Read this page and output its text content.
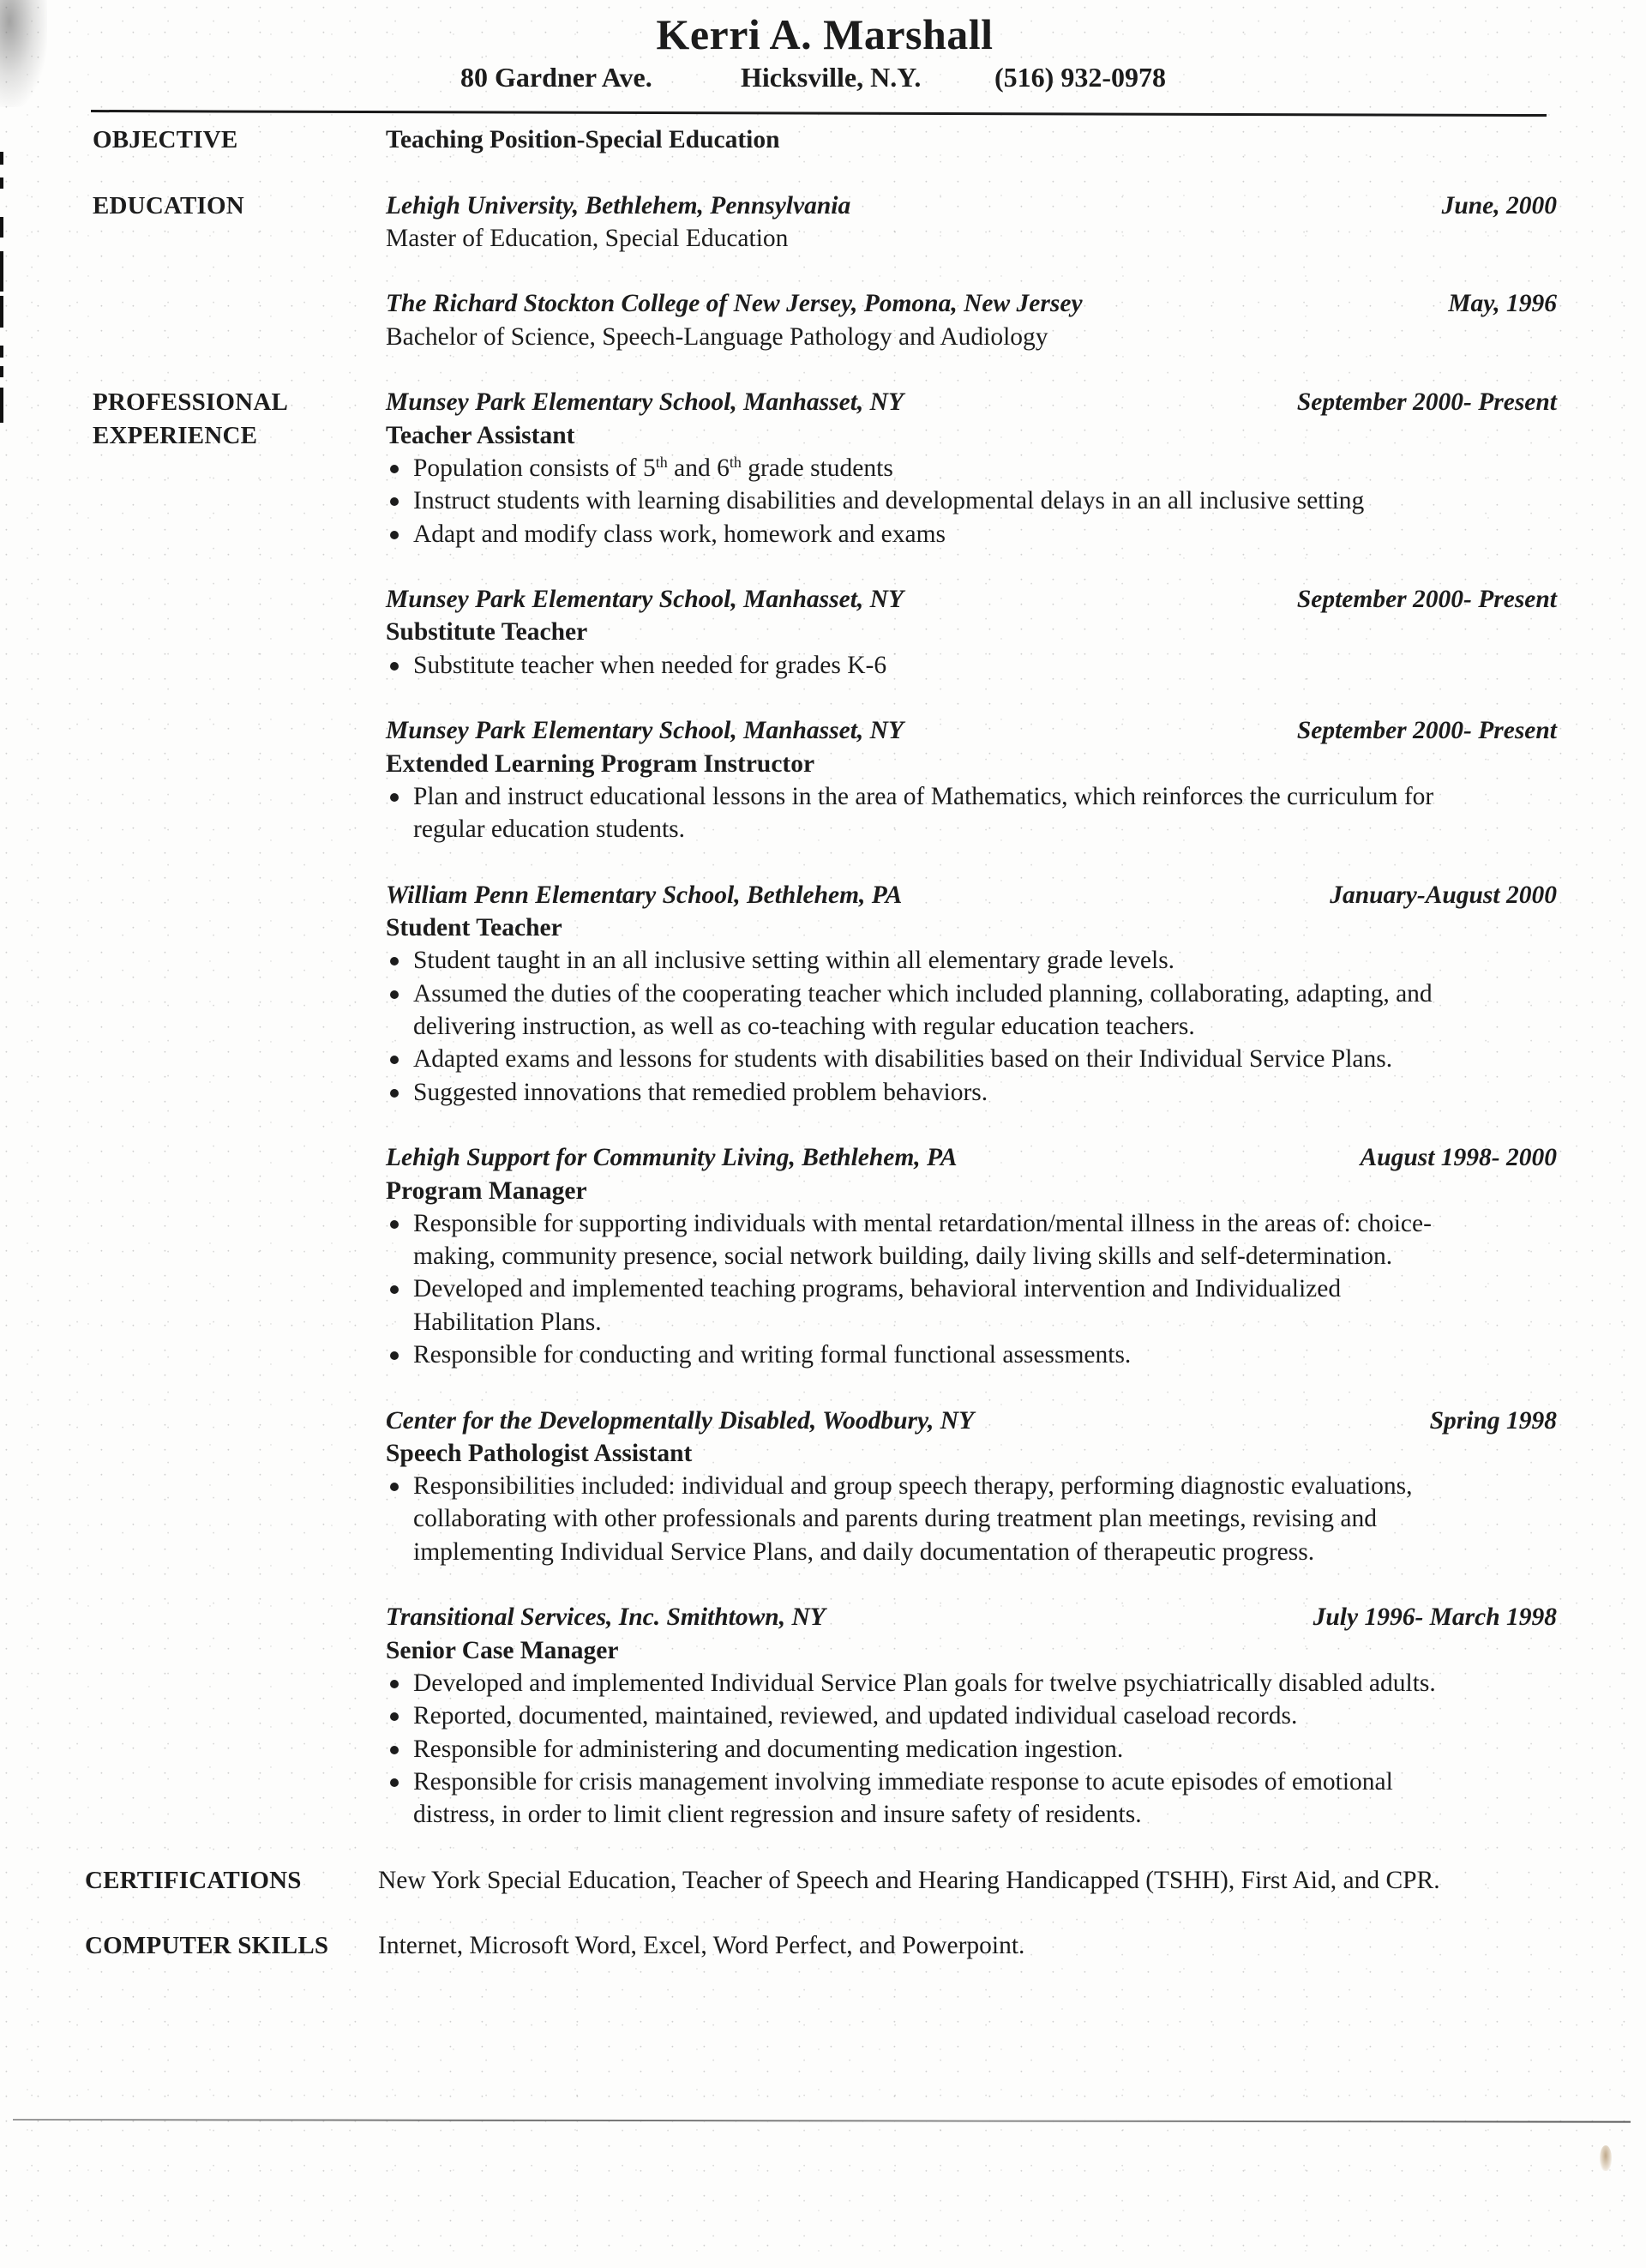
Kerri A. Marshall
80 Gardner Ave.	Hicksville, N.Y.	(516) 932-0978
OBJECTIVE	Teaching Position-Special Education
EDUCATION	Lehigh University, Bethlehem, Pennsylvania	June, 2000
Master of Education, Special Education
The Richard Stockton College of New Jersey, Pomona, New Jersey	May, 1996
Bachelor of Science, Speech-Language Pathology and Audiology
PROFESSIONAL
EXPERIENCE
Munsey Park Elementary School, Manhasset, NY	September 2000- Present
Teacher Assistant
Population consists of 5th and 6th grade students
Instruct students with learning disabilities and developmental delays in an all inclusive setting
Adapt and modify class work, homework and exams
Munsey Park Elementary School, Manhasset, NY	September 2000- Present
Substitute Teacher
Substitute teacher when needed for grades K-6
Munsey Park Elementary School, Manhasset, NY	September 2000- Present
Extended Learning Program Instructor
Plan and instruct educational lessons in the area of Mathematics, which reinforces the curriculum for
regular education students.
William Penn Elementary School, Bethlehem, PA	January-August 2000
Student Teacher
Student taught in an all inclusive setting within all elementary grade levels.
Assumed the duties of the cooperating teacher which included planning, collaborating, adapting, and
delivering instruction, as well as co-teaching with regular education teachers.
Adapted exams and lessons for students with disabilities based on their Individual Service Plans.
Suggested innovations that remedied problem behaviors.
Lehigh Support for Community Living, Bethlehem, PA	August 1998- 2000
Program Manager
Responsible for supporting individuals with mental retardation/mental illness in the areas of: choice-
making, community presence, social network building, daily living skills and self-determination.
Developed and implemented teaching programs, behavioral intervention and Individualized
Habilitation Plans.
Responsible for conducting and writing formal functional assessments.
Center for the Developmentally Disabled, Woodbury, NY	Spring 1998
Speech Pathologist Assistant
Responsibilities included: individual and group speech therapy, performing diagnostic evaluations,
collaborating with other professionals and parents during treatment plan meetings, revising and
implementing Individual Service Plans, and daily documentation of therapeutic progress.
Transitional Services, Inc. Smithtown, NY	July 1996- March 1998
Senior Case Manager
Developed and implemented Individual Service Plan goals for twelve psychiatrically disabled adults.
Reported, documented, maintained, reviewed, and updated individual caseload records.
Responsible for administering and documenting medication ingestion.
Responsible for crisis management involving immediate response to acute episodes of emotional
distress, in order to limit client regression and insure safety of residents.
CERTIFICATIONS	New York Special Education, Teacher of Speech and Hearing Handicapped (TSHH), First Aid, and CPR.
COMPUTER SKILLS	Internet, Microsoft Word, Excel, Word Perfect, and Powerpoint.
